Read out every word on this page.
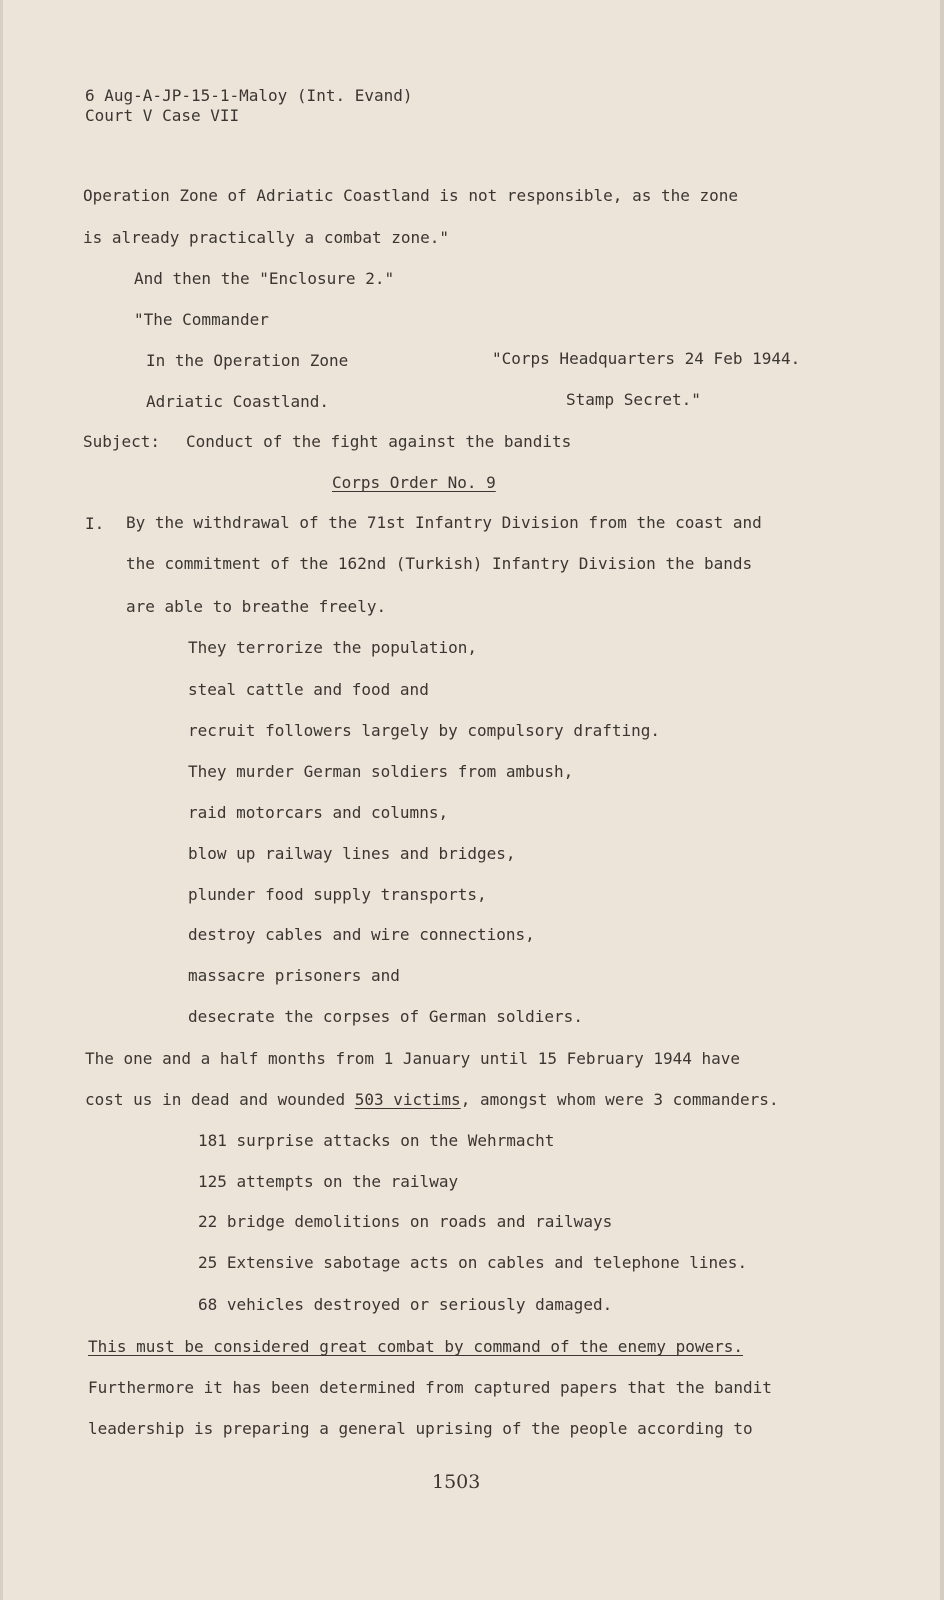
6 Aug-A-JP-15-1-Maloy (Int. Evand)
Court V Case VII
Operation Zone of Adriatic Coastland is not responsible, as the zone
is already practically a combat zone."
And then the "Enclosure 2."
"The Commander
In the Operation Zone	"Corps Headquarters 24 Feb 1944.
Adriatic Coastland.	Stamp Secret."
Subject: Conduct of the fight against the bandits
Corps Order No. 9
I. By the withdrawal of the 71st Infantry Division from the coast and
the commitment of the 162nd (Turkish) Infantry Division the bands
are able to breathe freely.
They terrorize the population,
steal cattle and food and
recruit followers largely by compulsory drafting.
They murder German soldiers from ambush,
raid motorcars and columns,
blow up railway lines and bridges,
plunder food supply transports,
destroy cables and wire connections,
massacre prisoners and
desecrate the corpses of German soldiers.
The one and a half months from 1 January until 15 February 1944 have
cost us in dead and wounded 503 victims, amongst whom were 3 commanders.
181 surprise attacks on the Wehrmacht
125 attempts on the railway
22 bridge demolitions on roads and railways
25 Extensive sabotage acts on cables and telephone lines.
68 vehicles destroyed or seriously damaged.
This must be considered great combat by command of the enemy powers.
Furthermore it has been determined from captured papers that the bandit
leadership is preparing a general uprising of the people according to
1503
